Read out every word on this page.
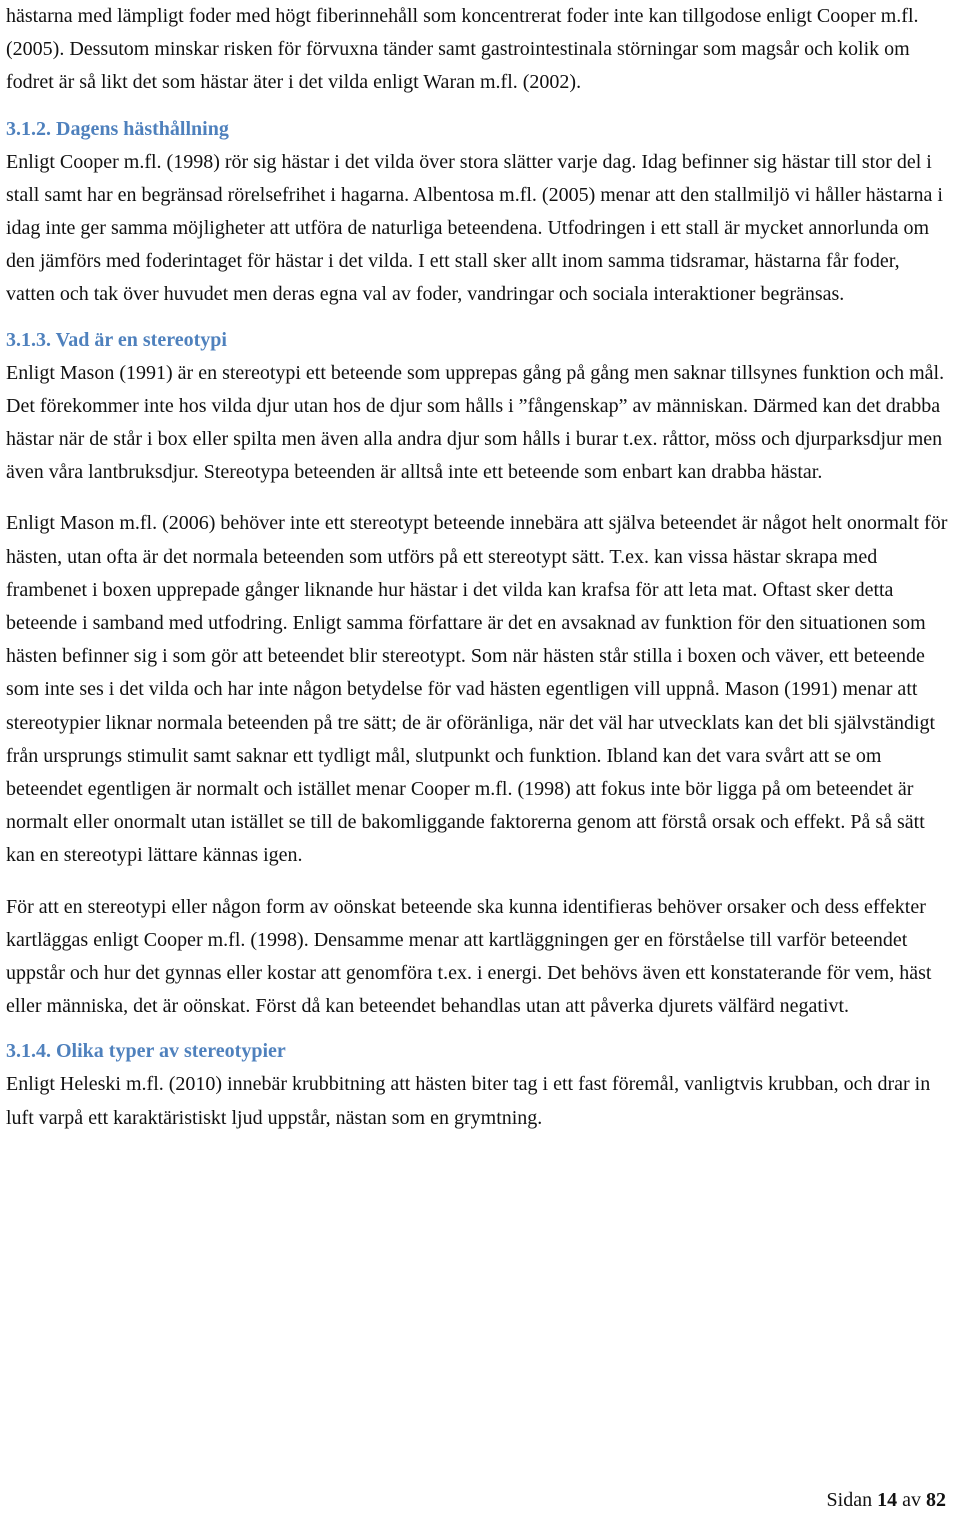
hästarna med lämpligt foder med högt fiberinnehåll som koncentrerat foder inte kan tillgodose enligt Cooper m.fl. (2005). Dessutom minskar risken för förvuxna tänder samt gastrointestinala störningar som magsår och kolik om fodret är så likt det som hästar äter i det vilda enligt Waran m.fl. (2002).

3.1.2. Dagens hästhållning

Enligt Cooper m.fl. (1998) rör sig hästar i det vilda över stora slätter varje dag. Idag befinner sig hästar till stor del i stall samt har en begränsad rörelsefrihet i hagarna. Albentosa m.fl. (2005) menar att den stallmiljö vi håller hästarna i idag inte ger samma möjligheter att utföra de naturliga beteendena. Utfodringen i ett stall är mycket annorlunda om den jämförs med foderintaget för hästar i det vilda. I ett stall sker allt inom samma tidsramar, hästarna får foder, vatten och tak över huvudet men deras egna val av foder, vandringar och sociala interaktioner begränsas.

3.1.3. Vad är en stereotypi

Enligt Mason (1991) är en stereotypi ett beteende som upprepas gång på gång men saknar tillsynes funktion och mål. Det förekommer inte hos vilda djur utan hos de djur som hålls i ”fångenskap” av människan. Därmed kan det drabba hästar när de står i box eller spilta men även alla andra djur som hålls i burar t.ex. råttor, möss och djurparksdjur men även våra lantbruksdjur. Stereotypa beteenden är alltså inte ett beteende som enbart kan drabba hästar.

Enligt Mason m.fl. (2006) behöver inte ett stereotypt beteende innebära att själva beteendet är något helt onormalt för hästen, utan ofta är det normala beteenden som utförs på ett stereotypt sätt. T.ex. kan vissa hästar skrapa med frambenet i boxen upprepade gånger liknande hur hästar i det vilda kan krafsa för att leta mat. Oftast sker detta beteende i samband med utfodring. Enligt samma författare är det en avsaknad av funktion för den situationen som hästen befinner sig i som gör att beteendet blir stereotypt. Som när hästen står stilla i boxen och väver, ett beteende som inte ses i det vilda och har inte någon betydelse för vad hästen egentligen vill uppnå. Mason (1991) menar att stereotypier liknar normala beteenden på tre sätt; de är oföränliga, när det väl har utvecklats kan det bli självständigt från ursprungs stimulit samt saknar ett tydligt mål, slutpunkt och funktion. Ibland kan det vara svårt att se om beteendet egentligen är normalt och istället menar Cooper m.fl. (1998) att fokus inte bör ligga på om beteendet är normalt eller onormalt utan istället se till de bakomliggande faktorerna genom att förstå orsak och effekt. På så sätt kan en stereotypi lättare kännas igen.

För att en stereotypi eller någon form av oönskat beteende ska kunna identifieras behöver orsaker och dess effekter kartläggas enligt Cooper m.fl. (1998). Densamme menar att kartläggningen ger en förståelse till varför beteendet uppstår och hur det gynnas eller kostar att genomföra t.ex. i energi. Det behövs även ett konstaterande för vem, häst eller människa, det är oönskat. Först då kan beteendet behandlas utan att påverka djurets välfärd negativt.

3.1.4. Olika typer av stereotypier

Enligt Heleski m.fl. (2010) innebär krubbitning att hästen biter tag i ett fast föremål, vanligtvis krubban, och drar in luft varpå ett karaktäristiskt ljud uppstår, nästan som en grymtning.

Sidan 14 av 82
